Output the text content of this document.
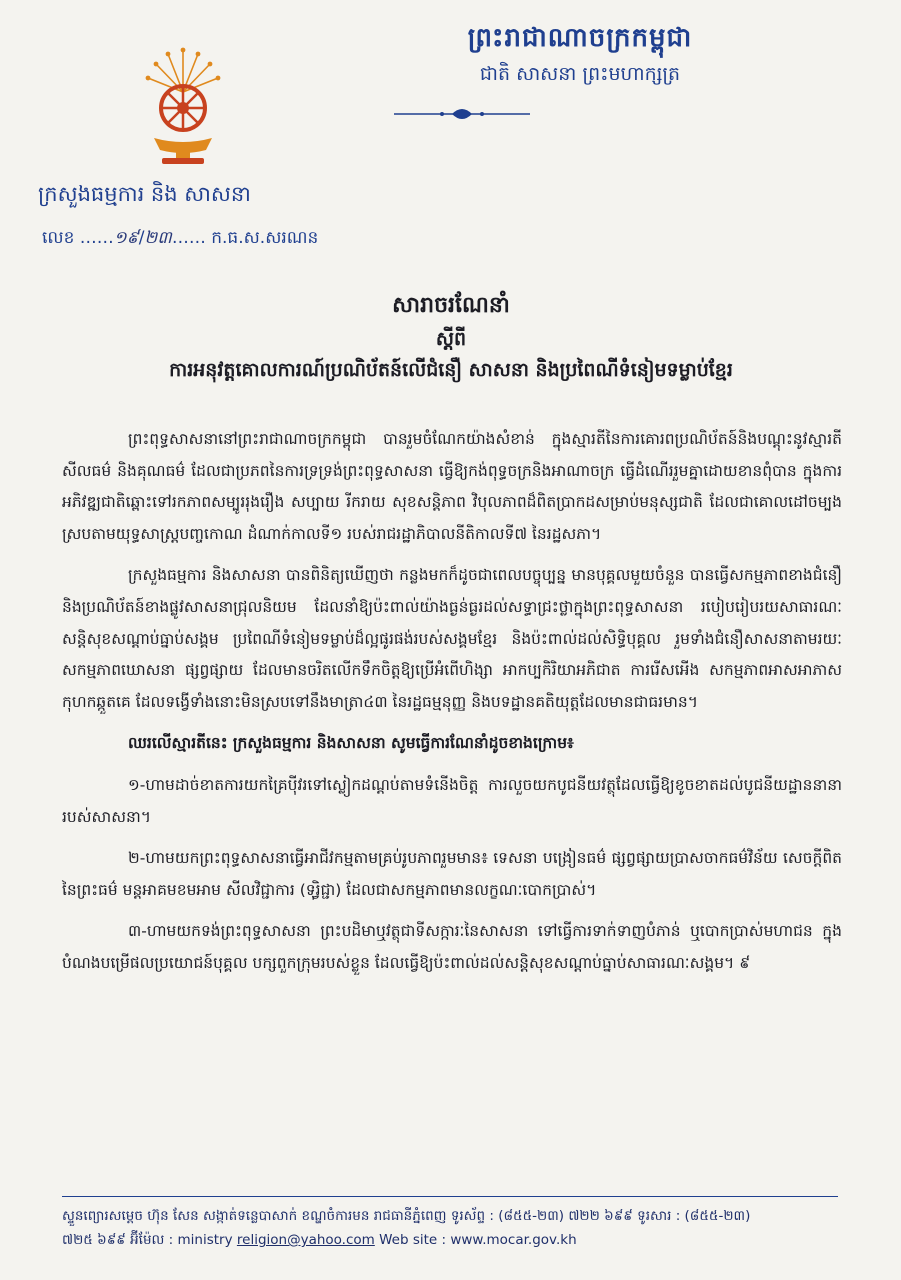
ព្រះរាជាណាចក្រកម្ពុជា
ជាតិ សាសនា ព្រះមហាក្សត្រ
ក្រសួងធម្មការ និង សាសនា
លេខ ……១៩/២៣…… ក.ធ.ស.សរណន
សារាចរណែនាំ
ស្តីពី
ការអនុវត្តគោលការណ៍ប្រណិប័តន៍លើជំនឿ សាសនា និងប្រពៃណីទំនៀមទម្លាប់ខ្មែរ

ព្រះពុទ្ធសាសនានៅព្រះរាជាណាចក្រកម្ពុជា បានរួមចំណែកយ៉ាងសំខាន់ ក្នុងស្មារតីនៃការគោរពប្រណិប័តន៍និងបណ្តុះនូវស្មារតីសីលធម៌ និងគុណធម៌ ដែលជាប្រភពនៃការទ្រទ្រង់ព្រះពុទ្ធសាសនា ធ្វើឱ្យកង់ពុទ្ធចក្រនិងអាណាចក្រ ធ្វើដំណើររួមគ្នាដោយខានពុំបាន ក្នុងការអភិវឌ្ឍជាតិឆ្ពោះទៅរកភាពសម្បូររុងរឿង សប្បាយ រីករាយ សុខសន្តិភាព វិបុលភាពដ៏ពិតប្រាកដសម្រាប់មនុស្សជាតិ ដែលជាគោលដៅចម្បងស្របតាមយុទ្ធសាស្ត្របញ្ចកោណ ដំណាក់កាលទី១ របស់រាជរដ្ឋាភិបាលនីតិកាលទី៧ នៃរដ្ឋសភា។

ក្រសួងធម្មការ និងសាសនា បានពិនិត្យឃើញថា កន្លងមកក៏ដូចជាពេលបច្ចុប្បន្ន មានបុគ្គលមួយចំនួន បានធ្វើសកម្មភាពខាងជំនឿ និងប្រណិប័តន៍ខាងផ្លូវសាសនាជ្រុលនិយម ដែលនាំឱ្យប៉ះពាល់យ៉ាងធ្ងន់ធ្ងរដល់សទ្ធាជ្រះថ្លាក្នុងព្រះពុទ្ធសាសនា របៀបរៀបរយសាធារណៈ សន្តិសុខសណ្តាប់ធ្នាប់សង្គម ប្រពៃណីទំនៀមទម្លាប់ដ៏ល្អផូរផង់របស់សង្គមខ្មែរ និងប៉ះពាល់ដល់សិទ្ធិបុគ្គល រួមទាំងជំនឿសាសនាតាមរយៈសកម្មភាពឃោសនា ផ្សព្វផ្សាយ ដែលមានចរិតលើកទឹកចិត្តឱ្យប្រើអំពើហិង្សា អាកប្បកិរិយាអភិជាត ការរើសអើង សកម្មភាពអាសអាភាស កុហកឆ្កួតគេ ដែលទង្វើទាំងនោះមិនស្របទៅនឹងមាត្រា៤៣ នៃរដ្ឋធម្មនុញ្ញ និងបទដ្ឋានគតិយុត្តដែលមានជាធរមាន។

ឈរលើស្មារតីនេះ ក្រសួងធម្មការ និងសាសនា សូមធ្វើការណែនាំដូចខាងក្រោម៖

១-ហាមដាច់ខាតការយកគ្រៃប៉ីវរទៅស្លៀកដណ្តប់តាមទំនើងចិត្ត ការលួចយកបូជនីយវត្ថុដែលធ្វើឱ្យខូចខាតដល់បូជនីយដ្ឋាននានារបស់សាសនា។

២-ហាមយកព្រះពុទ្ធសាសនាធ្វើអាជីវកម្មតាមគ្រប់រូបភាពរួមមាន៖ ទេសនា បង្រៀនធម៌ ផ្សព្វផ្សាយប្រាសចាកធម៌វិន័យ សេចក្តីពិតនៃព្រះធម៌ មន្តអាគមខមអាម សីលវិជ្ជាការ (ទុរ្វិជ្ជា) ដែលជាសកម្មភាពមានលក្ខណៈបោកប្រាស់។

៣-ហាមយកទង់ព្រះពុទ្ធសាសនា ព្រះបដិមាឬវត្ថុជាទីសក្ការៈនៃសាសនា ទៅធ្វើការទាក់ទាញបំភាន់ ឬបោកប្រាស់មហាជន ក្នុងបំណងបម្រើផលប្រយោជន៍បុគ្គល បក្សពួកក្រុមរបស់ខ្លួន ដែលធ្វើឱ្យប៉ះពាល់ដល់សន្តិសុខសណ្តាប់ធ្នាប់សាធារណៈសង្គម។ ៩

ស្ទួនព្យោរសម្តេច ហ៊ុន សែន សង្កាត់ទន្លេបាសាក់ ខណ្ឌចំការមន រាជធានីភ្នំពេញ ទូរស័ព្ទ : (៨៥៥-២៣) ៧២២ ៦៩៩ ទូរសារ : (៨៥៥-២៣)
៧២៥ ៦៩៩ អ៊ីម៉ែល : ministry religion@yahoo.com Web site : www.mocar.gov.kh
